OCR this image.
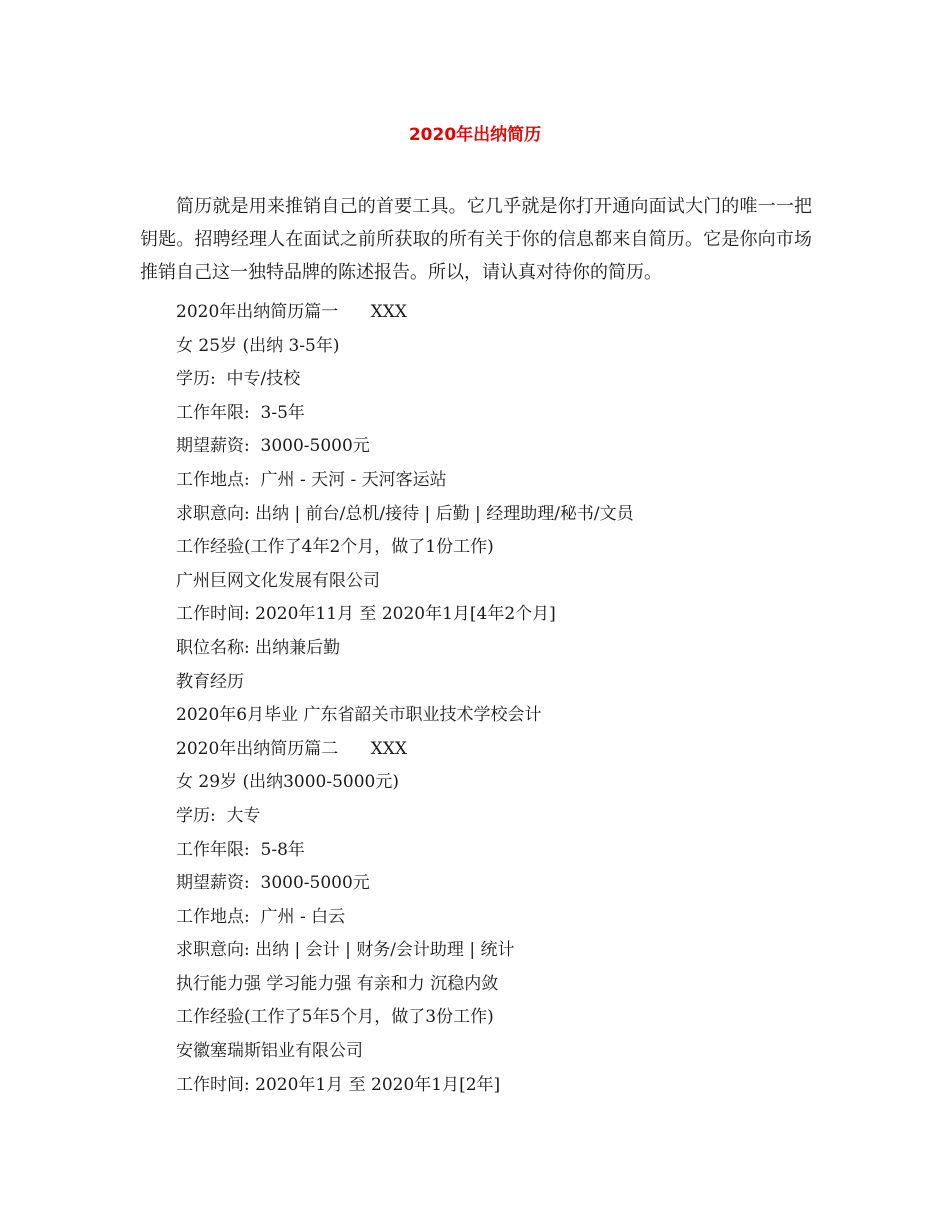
2020年出纳简历

简历就是用来推销自己的首要工具。它几乎就是你打开通向面试大门的唯一一把钥匙。招聘经理人在面试之前所获取的所有关于你的信息都来自简历。它是你向市场推销自己这一独特品牌的陈述报告。所以，请认真对待你的简历。

2020年出纳简历篇一      XXX
女 25岁 (出纳 3-5年)
学历:  中专/技校
工作年限:  3-5年
期望薪资:  3000-5000元
工作地点:  广州 - 天河 - 天河客运站
求职意向: 出纳 | 前台/总机/接待 | 后勤 | 经理助理/秘书/文员
工作经验(工作了4年2个月，做了1份工作)
广州巨网文化发展有限公司
工作时间: 2020年11月 至 2020年1月[4年2个月]
职位名称: 出纳兼后勤
教育经历
2020年6月毕业 广东省韶关市职业技术学校会计
2020年出纳简历篇二      XXX
女 29岁 (出纳3000-5000元)
学历:  大专
工作年限:  5-8年
期望薪资:  3000-5000元
工作地点:  广州 - 白云
求职意向: 出纳 | 会计 | 财务/会计助理 | 统计
执行能力强 学习能力强 有亲和力 沉稳内敛
工作经验(工作了5年5个月，做了3份工作)
安徽塞瑞斯铝业有限公司
工作时间: 2020年1月 至 2020年1月[2年]
